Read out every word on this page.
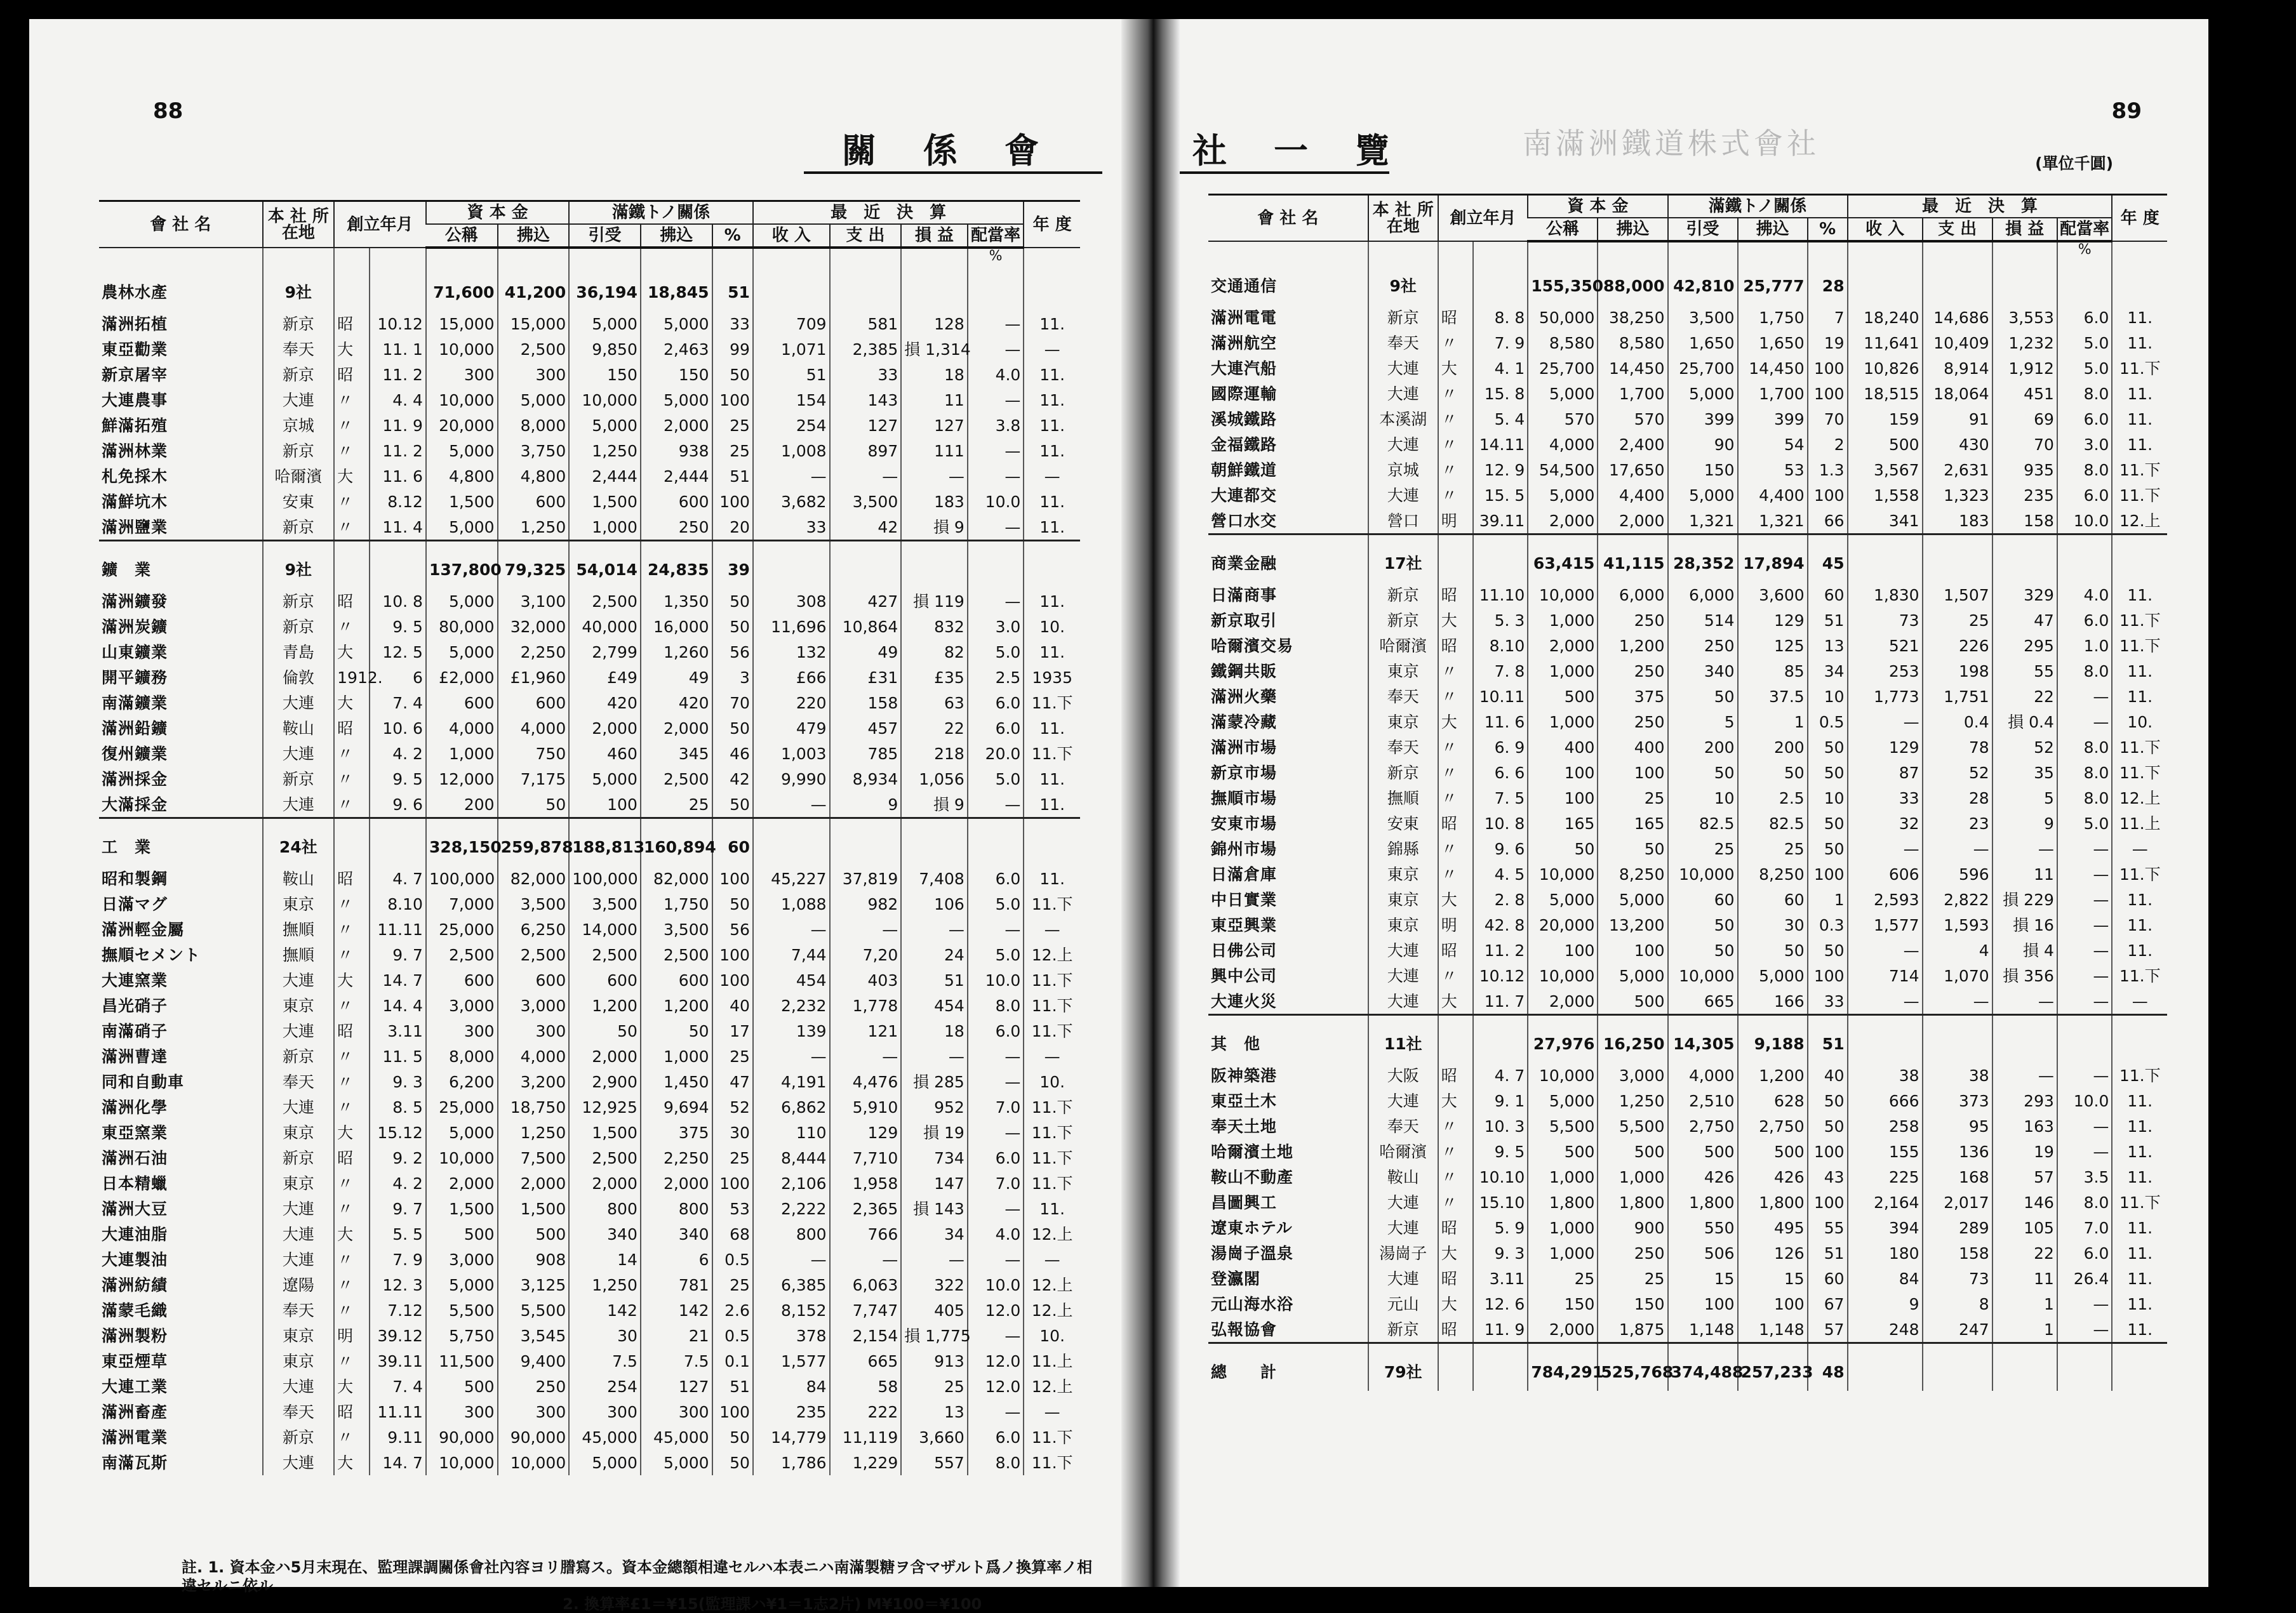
88
關　係　會
會 社 名	本 社 所在地	創立年月		資 本 金		滿鐵トノ關係			最　近　決　算				年 度
				公稱	拂込	引受	拂込	%	收 入	支 出	損 益	配當率	
												%	
農林水產	9社			71,600	41,200	36,194	18,845	51					
滿洲拓植	新京	昭	10.12	15,000	15,000	5,000	5,000	33	709	581	128	—	11.
東亞勸業	奉天	大	11. 1	10,000	2,500	9,850	2,463	99	1,071	2,385	損 1,314	—	—
新京屠宰	新京	昭	11. 2	300	300	150	150	50	51	33	18	4.0	11.
大連農事	大連	〃	4. 4	10,000	5,000	10,000	5,000	100	154	143	11	—	11.
鮮滿拓殖	京城	〃	11. 9	20,000	8,000	5,000	2,000	25	254	127	127	3.8	11.
滿洲林業	新京	〃	11. 2	5,000	3,750	1,250	938	25	1,008	897	111	—	11.
札免採木	哈爾濱	大	11. 6	4,800	4,800	2,444	2,444	51	—	—	—	—	—
滿鮮坑木	安東	〃	8.12	1,500	600	1,500	600	100	3,682	3,500	183	10.0	11.
滿洲鹽業	新京	〃	11. 4	5,000	1,250	1,000	250	20	33	42	損 9	—	11.
鑛　業	9社			137,800	79,325	54,014	24,835	39					
滿洲鑛發	新京	昭	10. 8	5,000	3,100	2,500	1,350	50	308	427	損 119	—	11.
滿洲炭鑛	新京	〃	9. 5	80,000	32,000	40,000	16,000	50	11,696	10,864	832	3.0	10.
山東鑛業	青島	大	12. 5	5,000	2,250	2,799	1,260	56	132	49	82	5.0	11.
開平鑛務	倫敦	1912.	6	£2,000	£1,960	£49	49	3	£66	£31	£35	2.5	1935
南滿鑛業	大連	大	7. 4	600	600	420	420	70	220	158	63	6.0	11.下
滿洲鉛鑛	鞍山	昭	10. 6	4,000	4,000	2,000	2,000	50	479	457	22	6.0	11.
復州鑛業	大連	〃	4. 2	1,000	750	460	345	46	1,003	785	218	20.0	11.下
滿洲採金	新京	〃	9. 5	12,000	7,175	5,000	2,500	42	9,990	8,934	1,056	5.0	11.
大滿採金	大連	〃	9. 6	200	50	100	25	50	—	9	損 9	—	11.
工　業	24社			328,150	259,878	188,813	160,894	60					
昭和製鋼	鞍山	昭	4. 7	100,000	82,000	100,000	82,000	100	45,227	37,819	7,408	6.0	11.
日滿マグ	東京	〃	8.10	7,000	3,500	3,500	1,750	50	1,088	982	106	5.0	11.下
滿洲輕金屬	撫順	〃	11.11	25,000	6,250	14,000	3,500	56	—	—	—	—	—
撫順セメント	撫順	〃	9. 7	2,500	2,500	2,500	2,500	100	7,44	7,20	24	5.0	12.上
大連窯業	大連	大	14. 7	600	600	600	600	100	454	403	51	10.0	11.下
昌光硝子	東京	〃	14. 4	3,000	3,000	1,200	1,200	40	2,232	1,778	454	8.0	11.下
南滿硝子	大連	昭	3.11	300	300	50	50	17	139	121	18	6.0	11.下
滿洲曹達	新京	〃	11. 5	8,000	4,000	2,000	1,000	25	—	—	—	—	—
同和自動車	奉天	〃	9. 3	6,200	3,200	2,900	1,450	47	4,191	4,476	損 285	—	10.
滿洲化學	大連	〃	8. 5	25,000	18,750	12,925	9,694	52	6,862	5,910	952	7.0	11.下
東亞窯業	東京	大	15.12	5,000	1,250	1,500	375	30	110	129	損 19	—	11.下
滿洲石油	新京	昭	9. 2	10,000	7,500	2,500	2,250	25	8,444	7,710	734	6.0	11.下
日本精蠟	東京	〃	4. 2	2,000	2,000	2,000	2,000	100	2,106	1,958	147	7.0	11.下
滿洲大豆	大連	〃	9. 7	1,500	1,500	800	800	53	2,222	2,365	損 143	—	11.
大連油脂	大連	大	5. 5	500	500	340	340	68	800	766	34	4.0	12.上
大連製油	大連	〃	7. 9	3,000	908	14	6	0.5	—	—	—	—	—
滿洲紡績	遼陽	〃	12. 3	5,000	3,125	1,250	781	25	6,385	6,063	322	10.0	12.上
滿蒙毛織	奉天	〃	7.12	5,500	5,500	142	142	2.6	8,152	7,747	405	12.0	12.上
滿洲製粉	東京	明	39.12	5,750	3,545	30	21	0.5	378	2,154	損 1,775	—	10.
東亞煙草	東京	〃	39.11	11,500	9,400	7.5	7.5	0.1	1,577	665	913	12.0	11.上
大連工業	大連	大	7. 4	500	250	254	127	51	84	58	25	12.0	12.上
滿洲畜產	奉天	昭	11.11	300	300	300	300	100	235	222	13	—	—
滿洲電業	新京	〃	9.11	90,000	90,000	45,000	45,000	50	14,779	11,119	3,660	6.0	11.下
南滿瓦斯	大連	大	14. 7	10,000	10,000	5,000	5,000	50	1,786	1,229	557	8.0	11.下
註. 1. 資本金ハ5月末現在、監理課調關係會社內容ヨリ謄寫ス。資本金總額相違セルハ本表ニハ南滿製糖ヲ含マザルト爲ノ換算率ノ相違セルニ依ル
2. 換算率£1＝¥15(監理課ハ¥1＝1志2片) M¥100＝¥100
89
社　一　覽	南滿洲鐵道株式會社
(單位千圓)
會 社 名	本 社 所在地	創立年月		資 本 金		滿鐵トノ關係			最　近　決　算				年 度
				公稱	拂込	引受	拂込	%	收 入	支 出	損 益	配當率	
												%	
交通通信	9社			155,350	88,000	42,810	25,777	28					
滿洲電電	新京	昭	8. 8	50,000	38,250	3,500	1,750	7	18,240	14,686	3,553	6.0	11.
滿洲航空	奉天	〃	7. 9	8,580	8,580	1,650	1,650	19	11,641	10,409	1,232	5.0	11.
大連汽船	大連	大	4. 1	25,700	14,450	25,700	14,450	100	10,826	8,914	1,912	5.0	11.下
國際運輸	大連	〃	15. 8	5,000	1,700	5,000	1,700	100	18,515	18,064	451	8.0	11.
溪城鐵路	本溪湖	〃	5. 4	570	570	399	399	70	159	91	69	6.0	11.
金福鐵路	大連	〃	14.11	4,000	2,400	90	54	2	500	430	70	3.0	11.
朝鮮鐵道	京城	〃	12. 9	54,500	17,650	150	53	1.3	3,567	2,631	935	8.0	11.下
大連都交	大連	〃	15. 5	5,000	4,400	5,000	4,400	100	1,558	1,323	235	6.0	11.下
營口水交	營口	明	39.11	2,000	2,000	1,321	1,321	66	341	183	158	10.0	12.上
商業金融	17社			63,415	41,115	28,352	17,894	45					
日滿商事	新京	昭	11.10	10,000	6,000	6,000	3,600	60	1,830	1,507	329	4.0	11.
新京取引	新京	大	5. 3	1,000	250	514	129	51	73	25	47	6.0	11.下
哈爾濱交易	哈爾濱	昭	8.10	2,000	1,200	250	125	13	521	226	295	1.0	11.下
鐵鋼共販	東京	〃	7. 8	1,000	250	340	85	34	253	198	55	8.0	11.
滿洲火藥	奉天	〃	10.11	500	375	50	37.5	10	1,773	1,751	22	—	11.
滿蒙冷藏	東京	大	11. 6	1,000	250	5	1	0.5	—	0.4	損 0.4	—	10.
滿洲市場	奉天	〃	6. 9	400	400	200	200	50	129	78	52	8.0	11.下
新京市場	新京	〃	6. 6	100	100	50	50	50	87	52	35	8.0	11.下
撫順市場	撫順	〃	7. 5	100	25	10	2.5	10	33	28	5	8.0	12.上
安東市場	安東	昭	10. 8	165	165	82.5	82.5	50	32	23	9	5.0	11.上
錦州市場	錦縣	〃	9. 6	50	50	25	25	50	—	—	—	—	—
日滿倉庫	東京	〃	4. 5	10,000	8,250	10,000	8,250	100	606	596	11	—	11.下
中日實業	東京	大	2. 8	5,000	5,000	60	60	1	2,593	2,822	損 229	—	11.
東亞興業	東京	明	42. 8	20,000	13,200	50	30	0.3	1,577	1,593	損 16	—	11.
日佛公司	大連	昭	11. 2	100	100	50	50	50	—	4	損 4	—	11.
興中公司	大連	〃	10.12	10,000	5,000	10,000	5,000	100	714	1,070	損 356	—	11.下
大連火災	大連	大	11. 7	2,000	500	665	166	33	—	—	—	—	—
其　他	11社			27,976	16,250	14,305	9,188	51					
阪神築港	大阪	昭	4. 7	10,000	3,000	4,000	1,200	40	38	38	—	—	11.下
東亞土木	大連	大	9. 1	5,000	1,250	2,510	628	50	666	373	293	10.0	11.
奉天土地	奉天	〃	10. 3	5,500	5,500	2,750	2,750	50	258	95	163	—	11.
哈爾濱土地	哈爾濱	〃	9. 5	500	500	500	500	100	155	136	19	—	11.
鞍山不動產	鞍山	〃	10.10	1,000	1,000	426	426	43	225	168	57	3.5	11.
昌圖興工	大連	〃	15.10	1,800	1,800	1,800	1,800	100	2,164	2,017	146	8.0	11.下
遼東ホテル	大連	昭	5. 9	1,000	900	550	495	55	394	289	105	7.0	11.
湯崗子溫泉	湯崗子	大	9. 3	1,000	250	506	126	51	180	158	22	6.0	11.
登瀛閣	大連	昭	3.11	25	25	15	15	60	84	73	11	26.4	11.
元山海水浴	元山	大	12. 6	150	150	100	100	67	9	8	1	—	11.
弘報協會	新京	昭	11. 9	2,000	1,875	1,148	1,148	57	248	247	1	—	11.
總　　計	79社			784,291	525,768	374,488	257,233	48					
